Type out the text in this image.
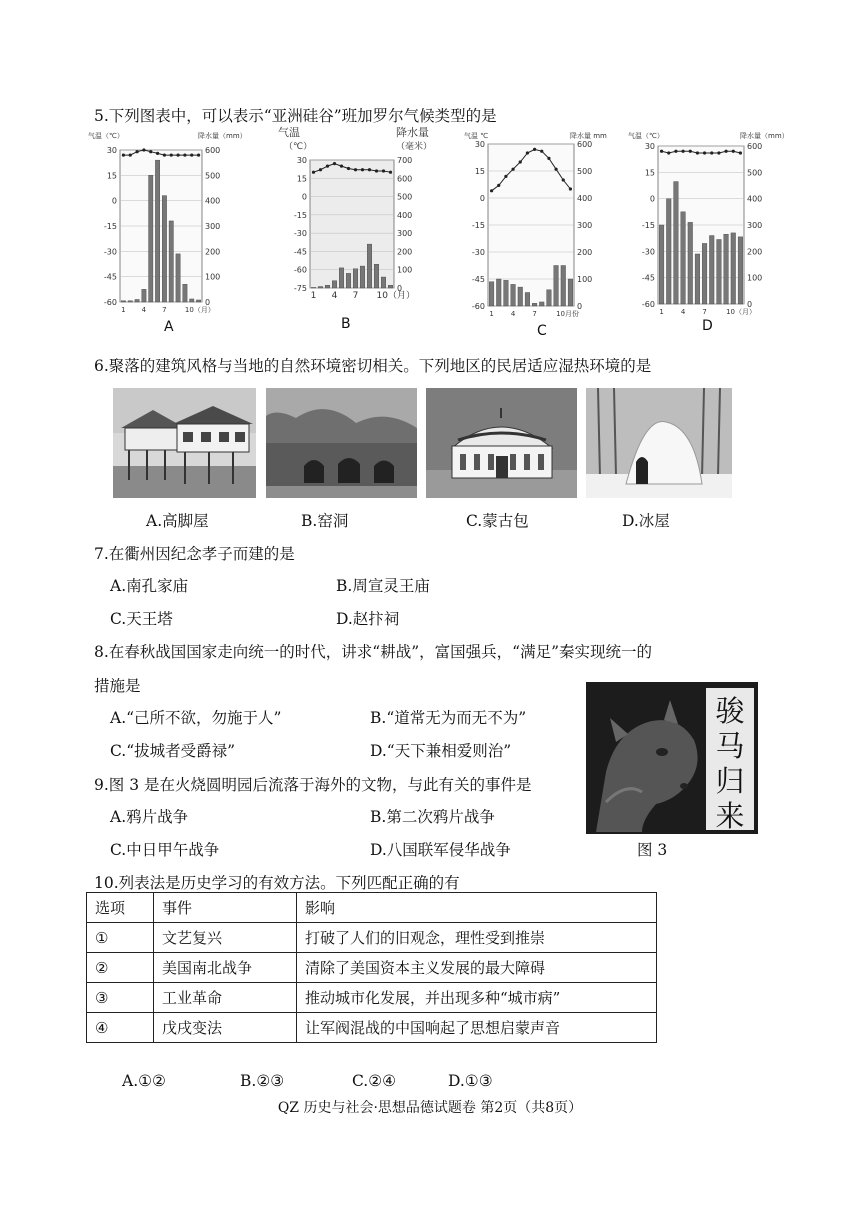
5.下列图表中，可以表示“亚洲硅谷”班加罗尔气候类型的是
30	600
15	500
0	400
-15	300
-30	200
-45	100
-60	0
气温（℃）	降水量（mm）
1 4 7	10（月）
30	700
15	600
0	500
-15	400
-30	300
-45	200
-60	100
-75	0
气温
（℃）
降水量
（毫米）
1 4 7 10（月）
30	600
15	500
0	400
-15	300
-30	200
-45	100
-60	0
气温 ℃	降水量 mm
1 4 7	10月份
30	600
15	500
0	400
-15	300
-30	200
-45	100
-60	0
气温（℃）	降水量（mm）
1 4 7	10（月）
A	B	C	D
6.聚落的建筑风格与当地的自然环境密切相关。下列地区的民居适应湿热环境的是
A.高脚屋	B.窑洞	C.蒙古包	D.冰屋
7.在衢州因纪念孝子而建的是
A.南孔家庙	B.周宣灵王庙
C.天王塔	D.赵抃祠
8.在春秋战国国家走向统一的时代，讲求“耕战”，富国强兵，“满足”秦实现统一的
措施是
A.“己所不欲，勿施于人”	B.“道常无为而无不为”
C.“拔城者受爵禄”	D.“天下兼相爱则治”
骏
马
归
来
图 3
9.图 3 是在火烧圆明园后流落于海外的文物，与此有关的事件是
A.鸦片战争	B.第二次鸦片战争
C.中日甲午战争	D.八国联军侵华战争
10.列表法是历史学习的有效方法。下列匹配正确的有
选项	事件	影响
①	文艺复兴	打破了人们的旧观念，理性受到推崇
②	美国南北战争	清除了美国资本主义发展的最大障碍
③	工业革命	推动城市化发展，并出现多种“城市病”
④	戊戌变法	让军阀混战的中国响起了思想启蒙声音
A.①②	B.②③	C.②④	D.①③
QZ 历史与社会·思想品德试题卷 第2页（共8页）
